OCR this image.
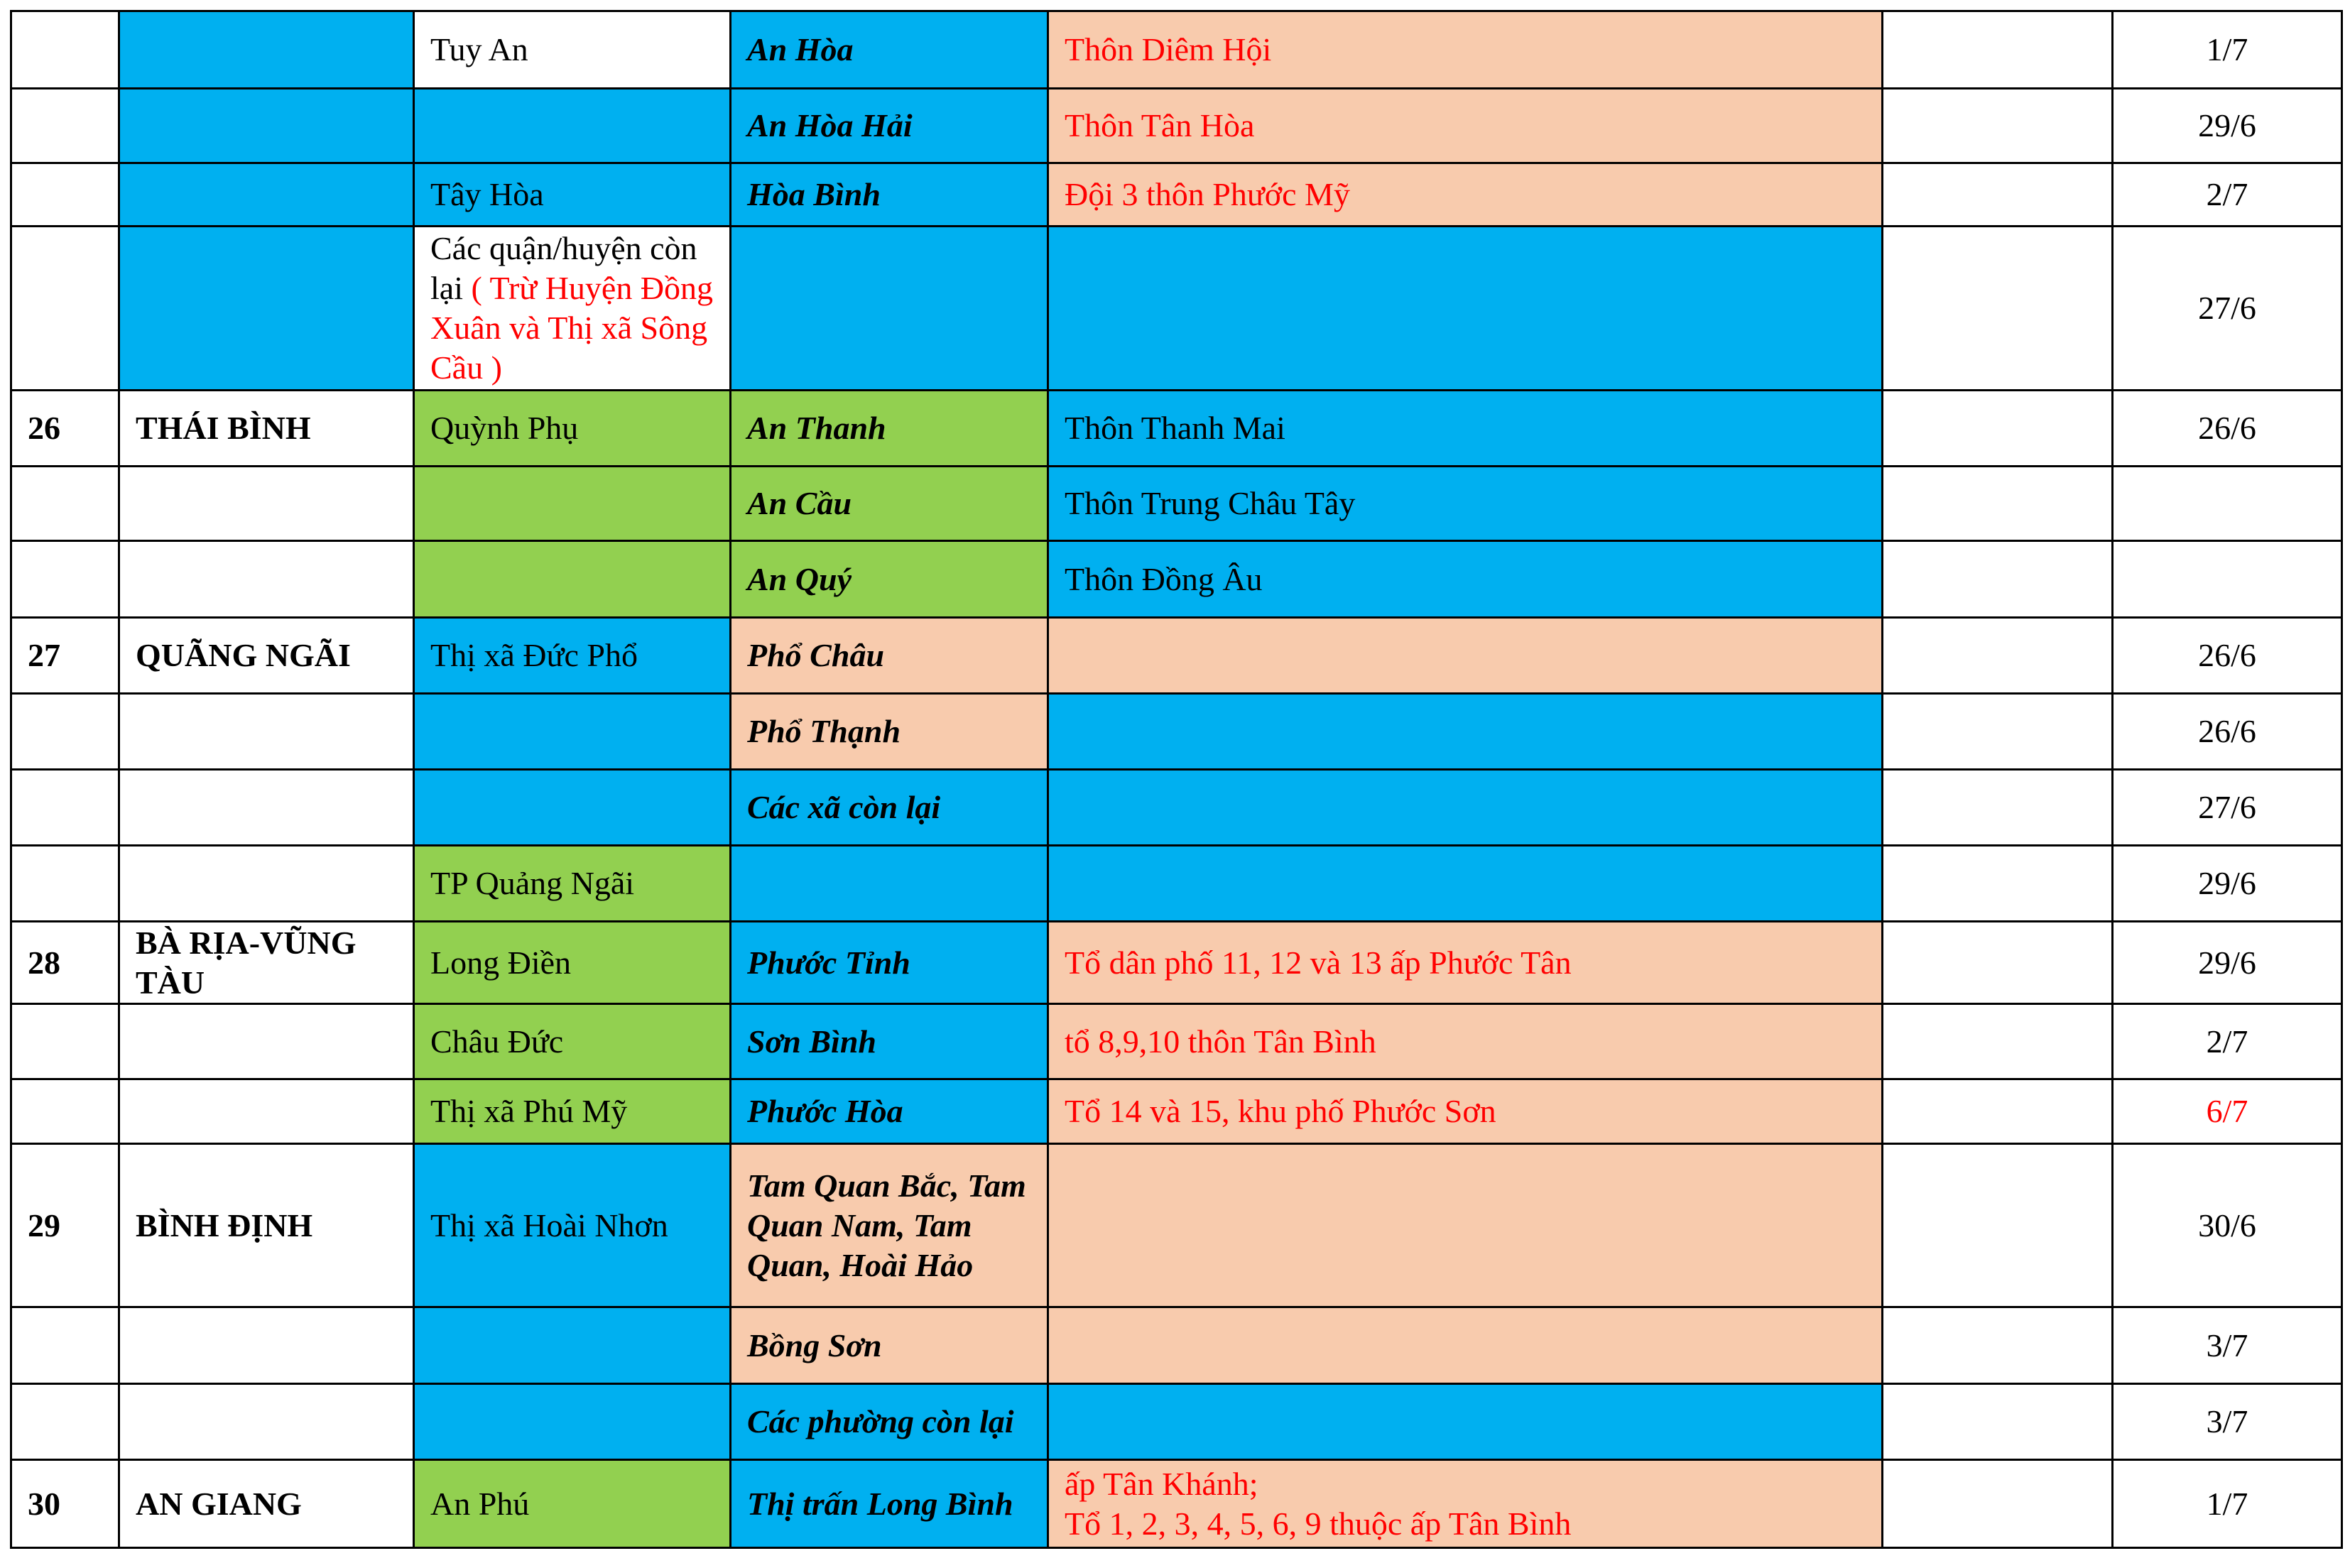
		Tuy An	An Hòa	Thôn Diêm Hội		1/7
			An Hòa Hải	Thôn Tân Hòa		29/6
		Tây Hòa	Hòa Bình	Đội 3 thôn Phước Mỹ		2/7
		Các quận/huyện còn lại ( Trừ Huyện Đồng Xuân và Thị xã Sông Cầu )				27/6
26	THÁI BÌNH	Quỳnh Phụ	An Thanh	Thôn Thanh Mai		26/6
			An Cầu	Thôn Trung Châu Tây		

			An Quý	Thôn Đồng Âu		

27	QUÃNG NGÃI	Thị xã Đức Phổ	Phổ Châu			26/6
			Phổ Thạnh			26/6
			Các xã còn lại			27/6
		TP Quảng Ngãi				29/6
28	BÀ RỊA-VŨNG TÀU	Long Điền	Phước Tỉnh	Tổ dân phố 11, 12 và 13 ấp Phước Tân		29/6
		Châu Đức	Sơn Bình	tổ 8,9,10 thôn Tân Bình		2/7
		Thị xã Phú Mỹ	Phước Hòa	Tổ 14 và 15, khu phố Phước Sơn		6/7
29	BÌNH ĐỊNH	Thị xã Hoài Nhơn	Tam Quan Bắc, Tam Quan Nam, Tam Quan, Hoài Hảo			30/6
			Bồng Sơn			3/7
			Các phường còn lại			3/7
30	AN GIANG	An Phú	Thị trấn Long Bình	ấp Tân Khánh;
Tổ 1, 2, 3, 4, 5, 6, 9 thuộc ấp Tân Bình		1/7
